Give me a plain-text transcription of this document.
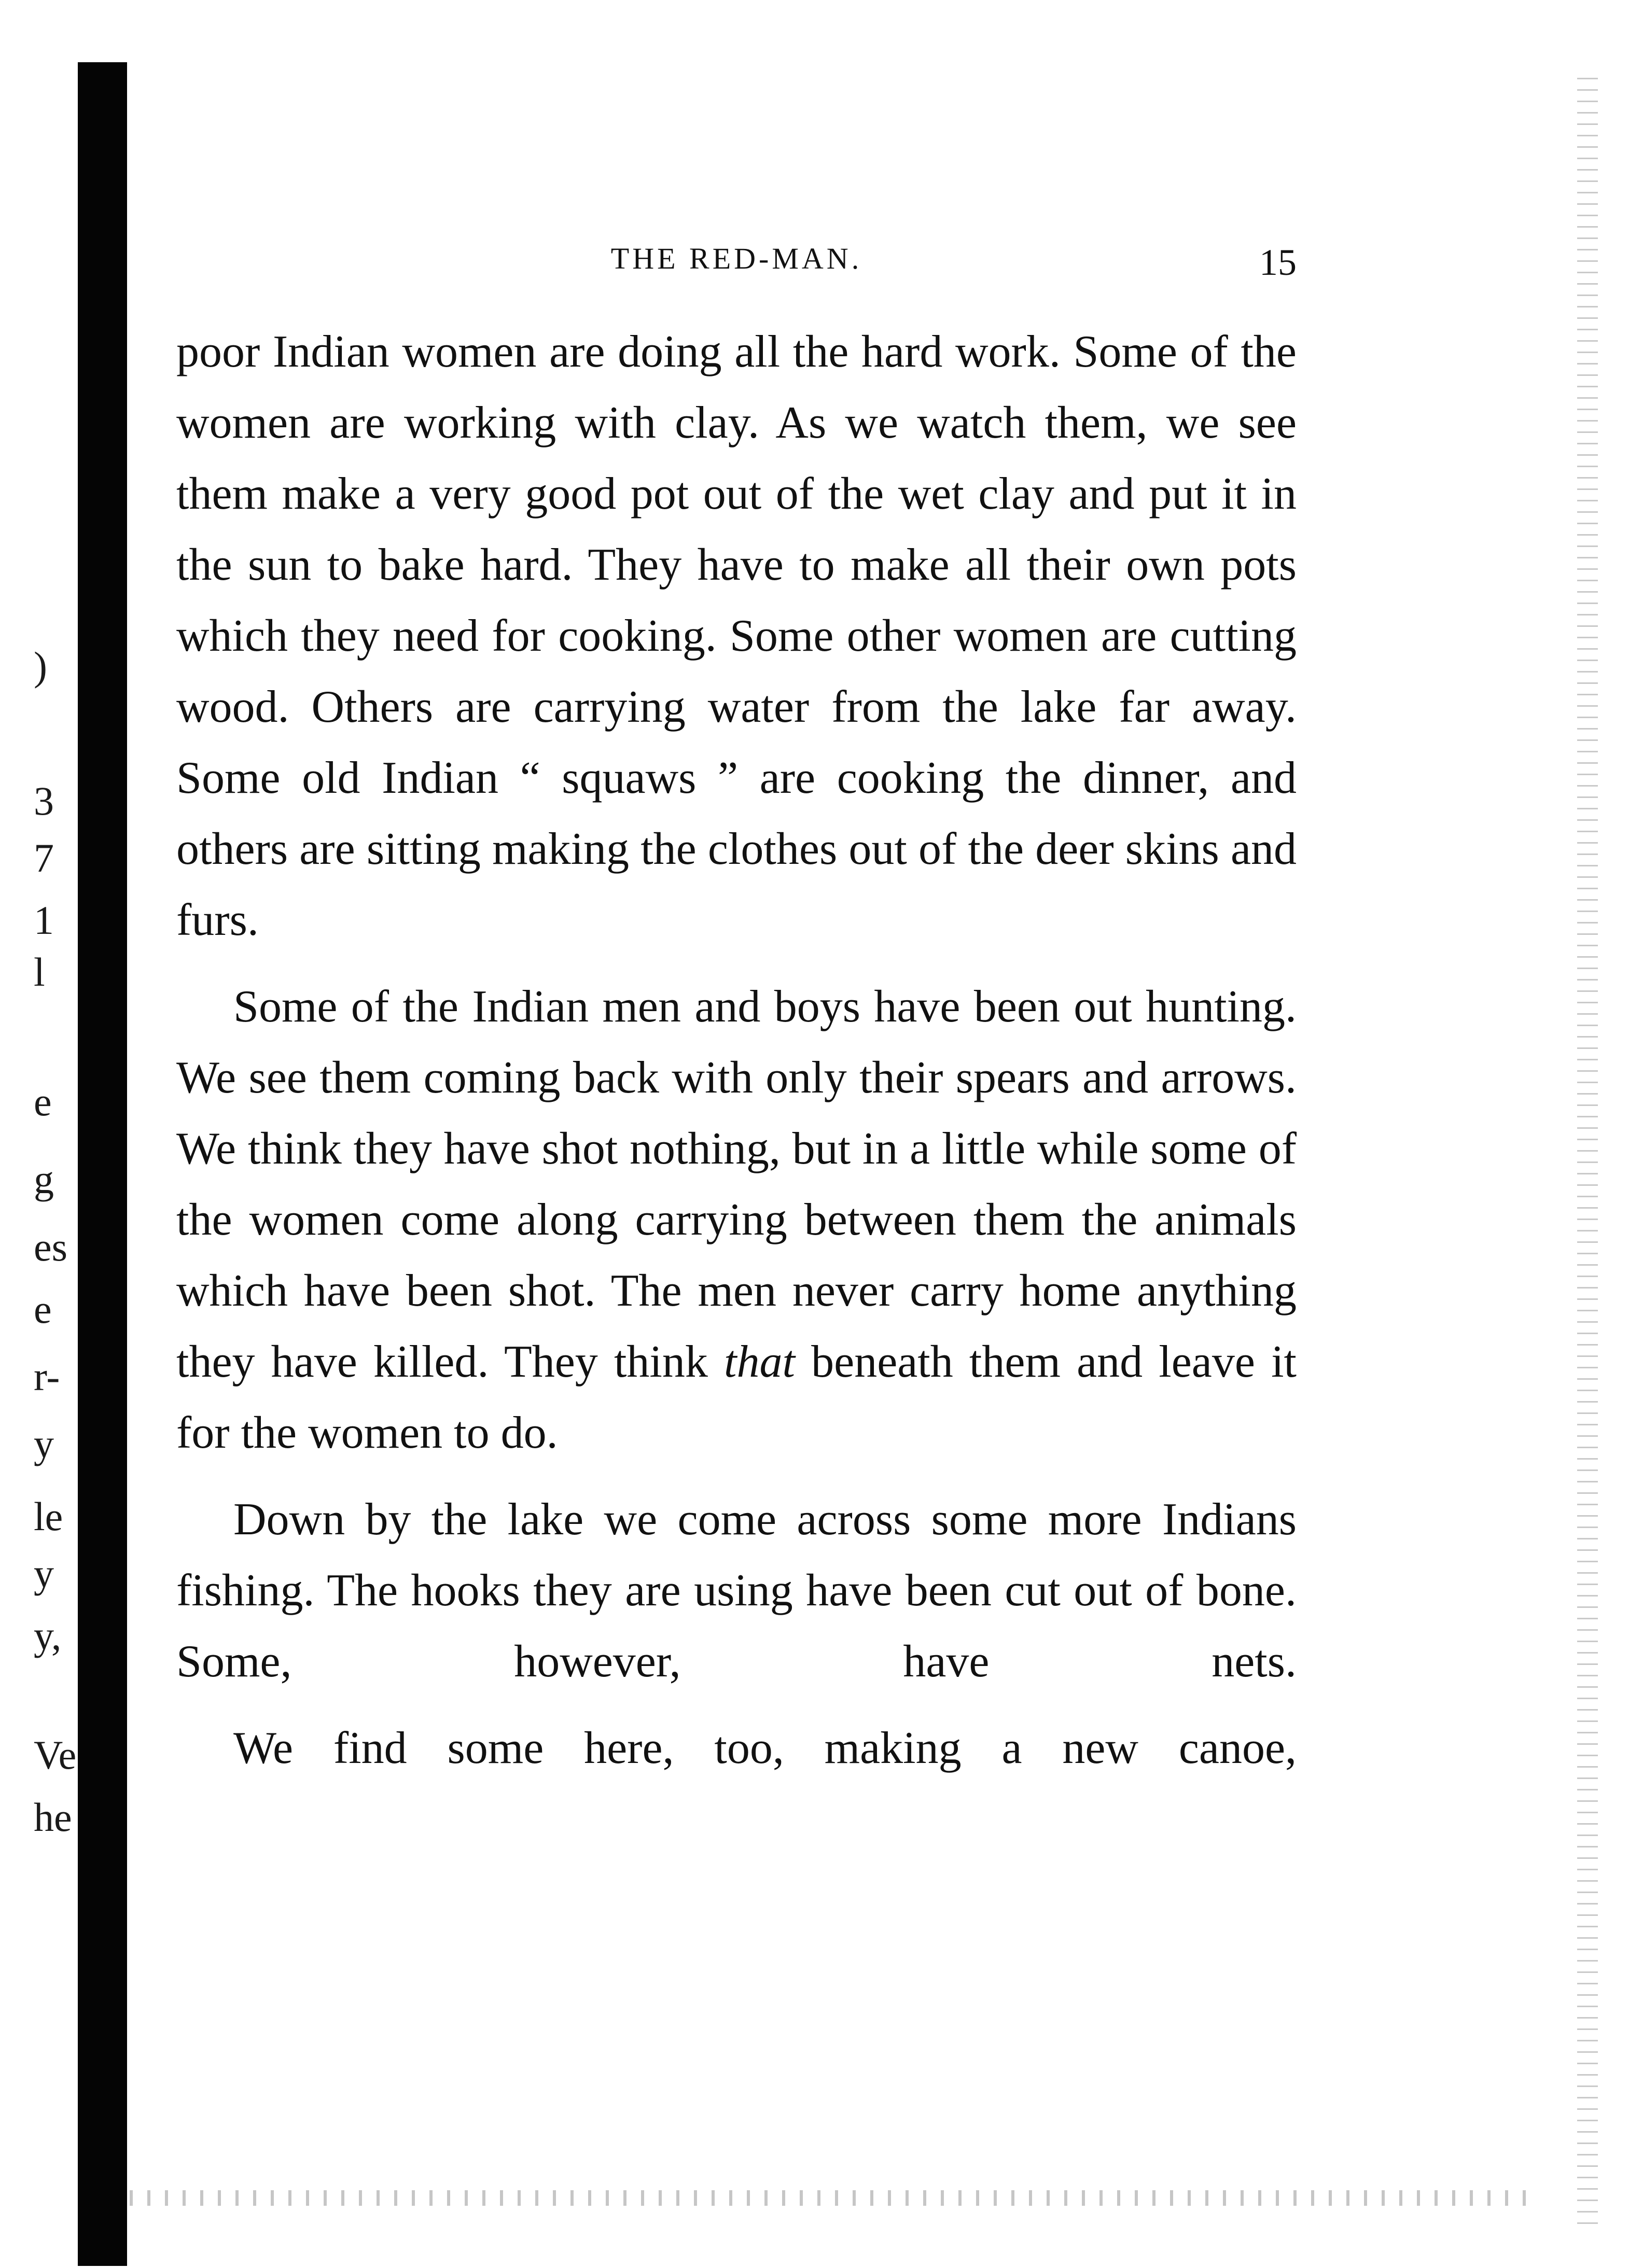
)
3
7
1
l
e
g
es
e
r-
y
le
y
y,
Ve
he
THE RED-MAN.	15

poor Indian women are doing all the hard work. Some of the women are working with clay. As we watch them, we see them make a very good pot out of the wet clay and put it in the sun to bake hard. They have to make all their own pots which they need for cooking. Some other women are cutting wood. Others are carrying water from the lake far away. Some old Indian “ squaws ” are cooking the dinner, and others are sitting making the clothes out of the deer skins and furs.

Some of the Indian men and boys have been out hunting. We see them coming back with only their spears and arrows. We think they have shot nothing, but in a little while some of the women come along carrying between them the animals which have been shot. The men never carry home anything they have killed. They think that beneath them and leave it for the women to do.

Down by the lake we come across some more Indians fishing. The hooks they are using have been cut out of bone. Some, however, have nets.

We find some here, too, making a new canoe,
